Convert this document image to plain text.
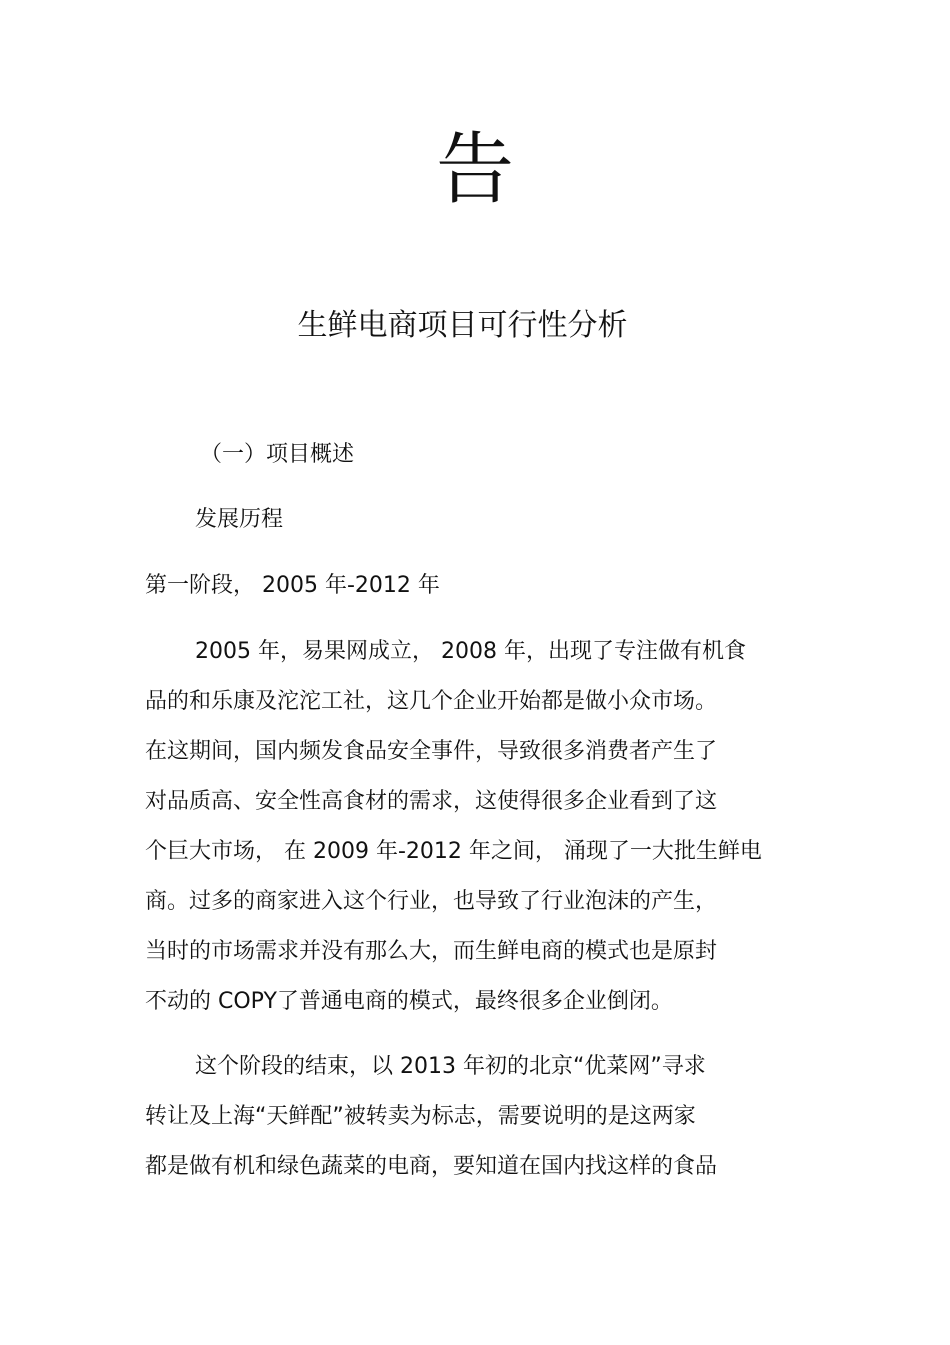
告
生鲜电商项目可行性分析
（一）项目概述
发展历程
第一阶段， 2005 年-2012 年
2005 年，易果网成立， 2008 年，出现了专注做有机食
品的和乐康及沱沱工社，这几个企业开始都是做小众市场。
在这期间，国内频发食品安全事件，导致很多消费者产生了
对品质高、安全性高食材的需求，这使得很多企业看到了这
个巨大市场， 在 2009 年-2012 年之间， 涌现了一大批生鲜电
商。过多的商家进入这个行业，也导致了行业泡沫的产生，
当时的市场需求并没有那么大，而生鲜电商的模式也是原封
不动的 COPY了普通电商的模式，最终很多企业倒闭。
这个阶段的结束，以 2013 年初的北京“优菜网”寻求
转让及上海“天鲜配”被转卖为标志，需要说明的是这两家
都是做有机和绿色蔬菜的电商，要知道在国内找这样的食品
